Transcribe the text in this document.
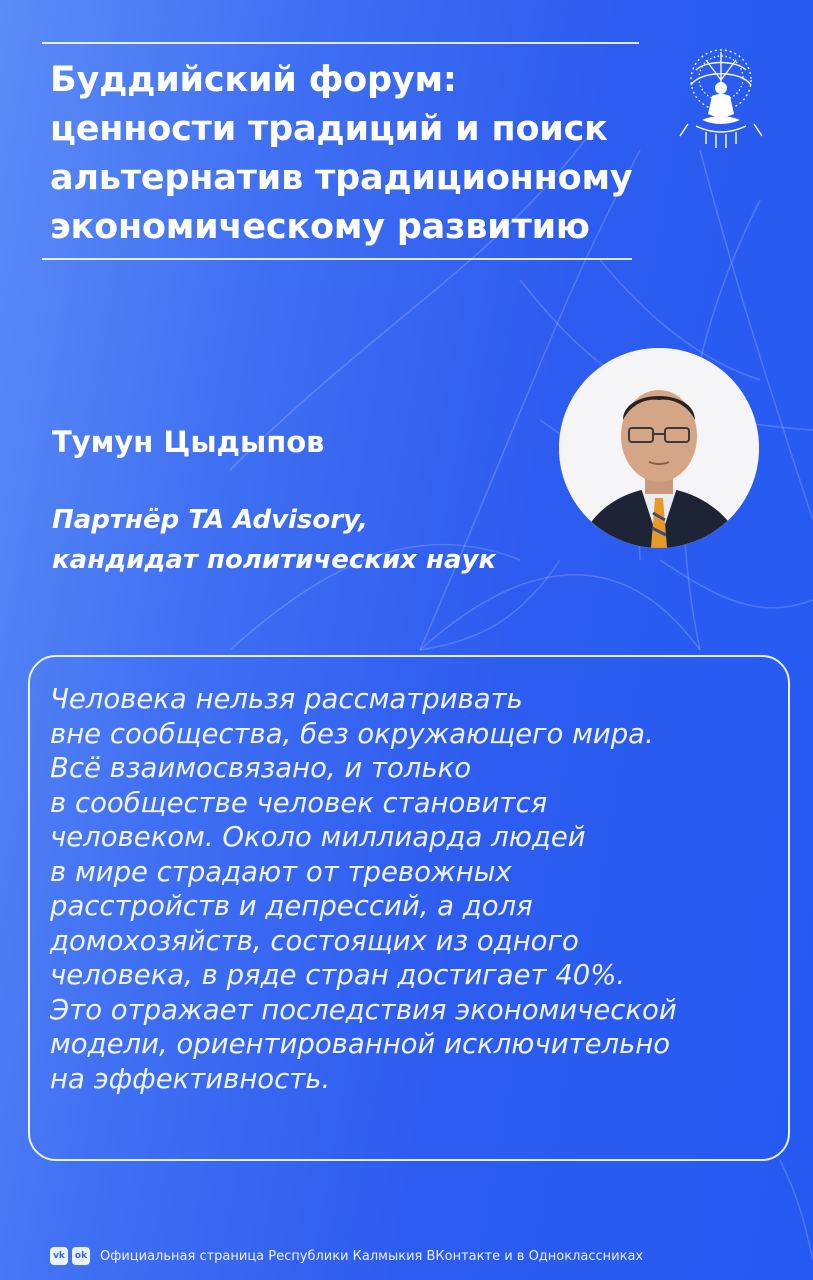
Буддийский форум:
ценности традиций и поиск
альтернатив традиционному
экономическому развитию
Тумун Цыдыпов
Партнёр TA Advisory,
кандидат политических наук
Человека нельзя рассматривать
вне сообщества, без окружающего мира.
Всё взаимосвязано, и только
в сообществе человек становится
человеком. Около миллиарда людей
в мире страдают от тревожных
расстройств и депрессий, а доля
домохозяйств, состоящих из одного
человека, в ряде стран достигает 40%.
Это отражает последствия экономической
модели, ориентированной исключительно
на эффективность.
vk	ok Официальная страница Республики Калмыкия ВКонтакте и в Одноклассниках
